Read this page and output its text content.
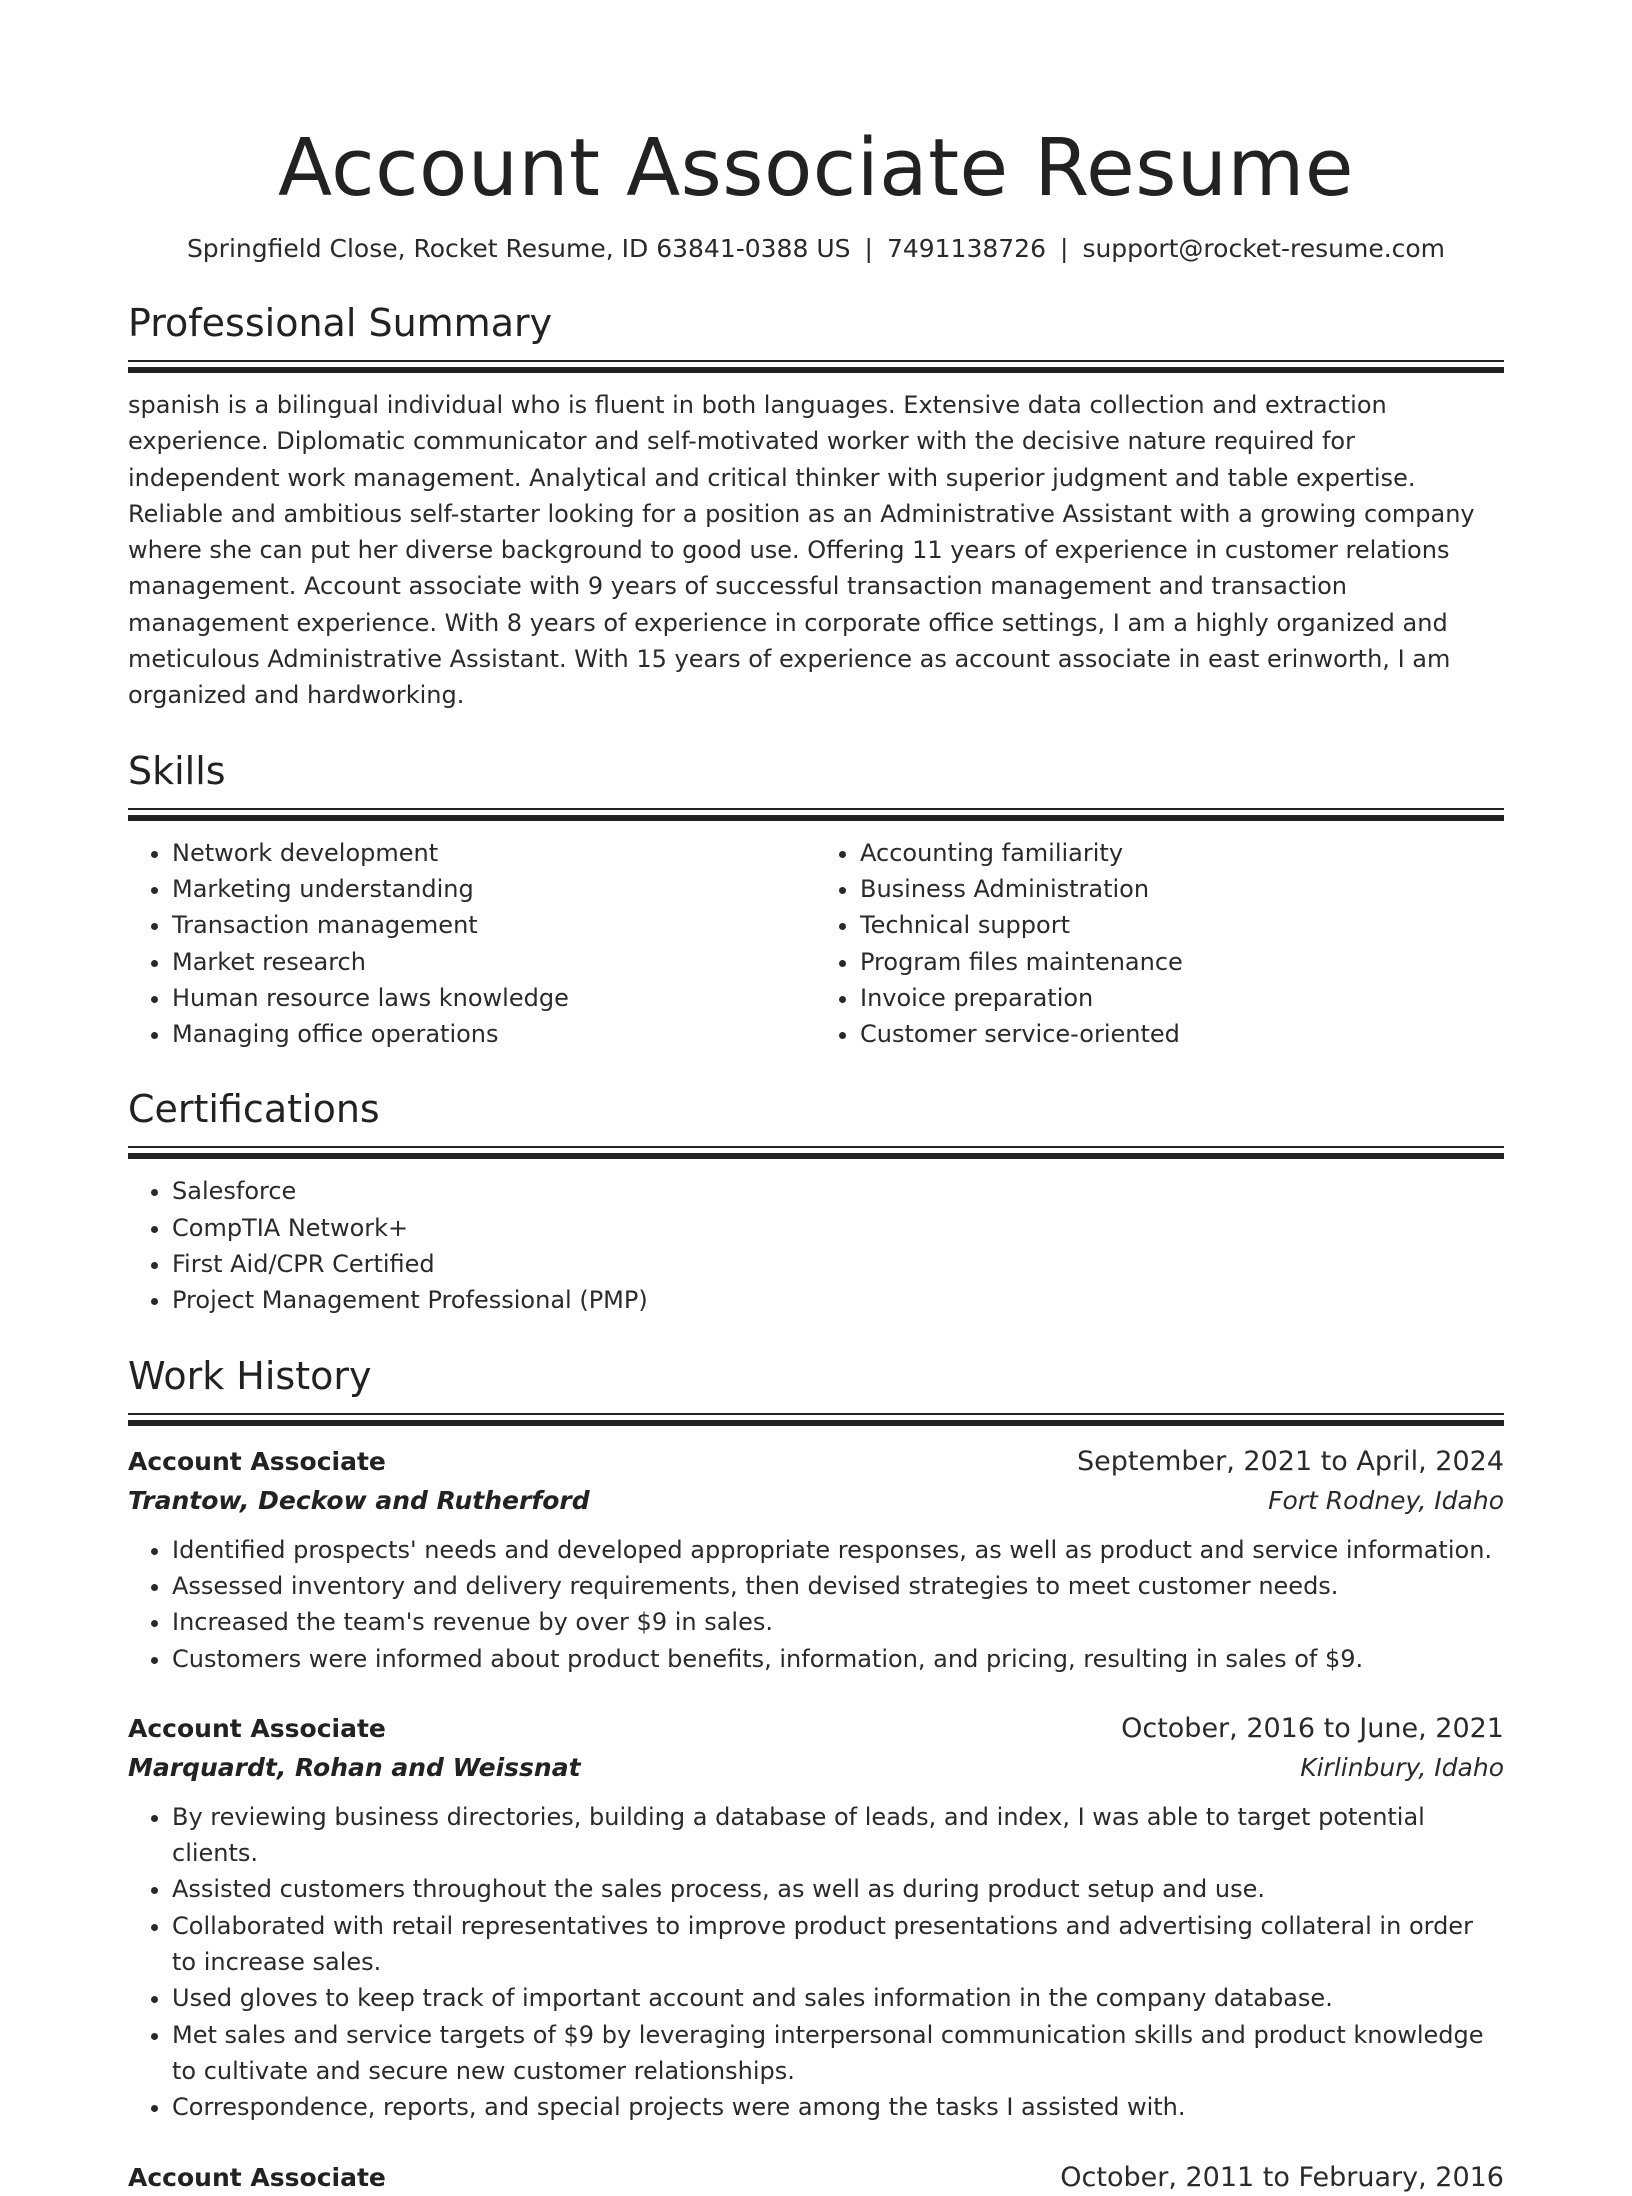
Account Associate Resume
Springfield Close, Rocket Resume, ID 63841-0388 US | 7491138726 | support@rocket-resume.com
Professional Summary
spanish is a bilingual individual who is fluent in both languages. Extensive data collection and extraction experience. Diplomatic communicator and self-motivated worker with the decisive nature required for independent work management. Analytical and critical thinker with superior judgment and table expertise. Reliable and ambitious self-starter looking for a position as an Administrative Assistant with a growing company where she can put her diverse background to good use. Offering 11 years of experience in customer relations management. Account associate with 9 years of successful transaction management and transaction management experience. With 8 years of experience in corporate office settings, I am a highly organized and meticulous Administrative Assistant. With 15 years of experience as account associate in east erinworth, I am organized and hardworking.
Skills
• Network development
• Marketing understanding
• Transaction management
• Market research
• Human resource laws knowledge
• Managing office operations
• Accounting familiarity
• Business Administration
• Technical support
• Program files maintenance
• Invoice preparation
• Customer service-oriented
Certifications
• Salesforce
• CompTIA Network+
• First Aid/CPR Certified
• Project Management Professional (PMP)
Work History
Account Associate	September, 2021 to April, 2024
Trantow, Deckow and Rutherford	Fort Rodney, Idaho
• Identified prospects' needs and developed appropriate responses, as well as product and service information.
• Assessed inventory and delivery requirements, then devised strategies to meet customer needs.
• Increased the team's revenue by over $9 in sales.
• Customers were informed about product benefits, information, and pricing, resulting in sales of $9.
Account Associate	October, 2016 to June, 2021
Marquardt, Rohan and Weissnat	Kirlinbury, Idaho
• By reviewing business directories, building a database of leads, and index, I was able to target potential clients.
• Assisted customers throughout the sales process, as well as during product setup and use.
• Collaborated with retail representatives to improve product presentations and advertising collateral in order to increase sales.
• Used gloves to keep track of important account and sales information in the company database.
• Met sales and service targets of $9 by leveraging interpersonal communication skills and product knowledge to cultivate and secure new customer relationships.
• Correspondence, reports, and special projects were among the tasks I assisted with.
Account Associate	October, 2011 to February, 2016
